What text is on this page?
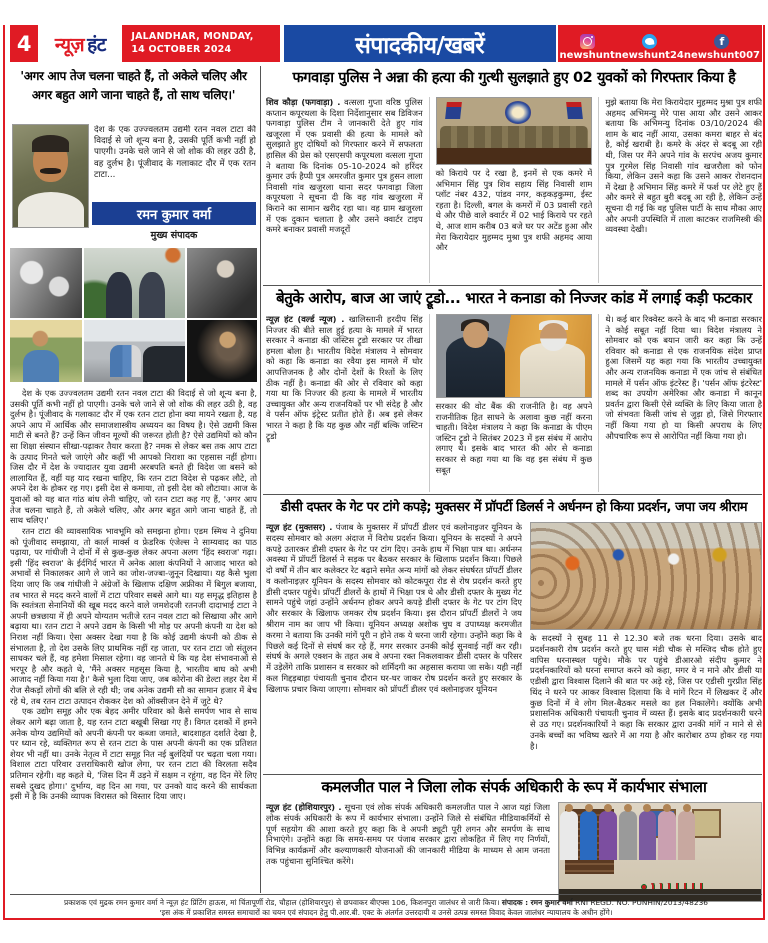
4	न्यूज़ हंट	JALANDHAR, MONDAY,
14 OCTOBER 2024	संपादकीय/खबरें	newshunt newshunt24
f
newshunt007
'अगर आप तेज चलना चाहते हैं, तो अकेले चलिए और
अगर बहुत आगे जाना चाहते हैं, तो साथ चलिए।'
देश के एक उज्ज्वलतम उद्यमी रतन नवल टाटा की विदाई से जो शून्य बना है, उसकी पूर्ति कभी नहीं हो पाएगी। उनके चले जाने से जो शोक की लहर उठी है, वह दुर्लभ है। पूंजीवाद के गलाकाट दौर में एक रतन टाटा...
रमन कुमार वर्मा
मुख्य संपादक

देश के एक उज्ज्वलतम उद्यमी रतन नवल टाटा की विदाई से जो शून्य बना है, उसकी पूर्ति कभी नहीं हो पाएगी। उनके चले जाने से जो शोक की लहर उठी है, वह दुर्लभ है। पूंजीवाद के गलाकाट दौर में एक रतन टाटा होना क्या मायने रखता है, यह अपने आप में आर्थिक और समाजशास्त्रीय अध्ययन का विषय है। ऐसे उद्यमी किस माटी से बनते हैं? उन्हें किन जीवन मूल्यों की जरूरत होती है? ऐसे उद्यमियों को कौन सा शिक्षा संस्थान सीखा-पढ़ाकर तैयार करता है? नमक से लेकर बस तक आप टाटा के उत्पाद गिनते चले जाएंगे और कहीं भी आपको निराशा का एहसास नहीं होगा। जिस दौर में देश के ज्यादातर युवा उद्यमी अरबपति बनते ही विदेश जा बसने को लालायित हैं, वहीं यह याद रखना चाहिए, कि रतन टाटा विदेश से पढ़कर लौटे, तो अपने देश के होकर रह गए। इसी देश से कमाया, तो इसी देश को लौटाया। आज के युवाओं को यह बात गांठ बांध लेनी चाहिए, जो रतन टाटा कह गए हैं, 'अगर आप तेज चलना चाहते हैं, तो अकेले चलिए, और अगर बहुत आगे जाना चाहते हैं, तो साथ चलिए।'

रतन टाटा की व्यावसायिक भावभूमि को समझना होगा। एडम स्मिथ ने दुनिया को पूंजीवाद समझाया, तो कार्ल मार्क्स व फ्रेडरिक एंजेल्स ने साम्यवाद का पाठ पढ़ाया, पर गांधीजी ने दोनों में से कुछ-कुछ लेकर अपना अलग 'हिंद स्वराज' गढ़ा। इसी 'हिंद स्वराज' के ईर्दगिर्द भारत में अनेक आला कंपनियों ने आजाद भारत को अभावों से निकालकर आगे ले जाने का जोश-जज्बा-जुनून दिखाया। यह कैसे भुला दिया जाए कि जब गांधीजी ने अंग्रेजों के खिलाफ दक्षिण अफ्रीका में बिगुल बजाया, तब भारत से मदद करने वालों में टाटा परिवार सबसे आगे था। यह समृद्ध इतिहास है कि स्वतंत्रता सेनानियों की खूब मदद करने वाले जमशेदजी रतनजी दादाभाई टाटा ने अपनी छत्रछाया में ही अपने योग्यतम भतीजे रतन नवल टाटा को सिखाया और आगे बढ़ाया था। रतन टाटा ने अपने उद्यम के किसी भी मोड़ पर अपनी कंपनी या देश को निराश नहीं किया। ऐसा अक्सर देखा गया है कि कोई उद्यमी कंपनी को ठीक से संभालता है, तो देश उसके लिए प्राथमिक नहीं रह जाता, पर रतन टाटा जो संतुलन साधकर चले हैं, वह हमेशा मिसाल रहेगा। वह जानते थे कि यह देश संभावनाओं से भरपूर है और कहते थे, 'मैंने अक्सर महसूस किया है, भारतीय बाघ को अभी आजाद नहीं किया गया है।' कैसे भुला दिया जाए, जब कोरोना की डेल्टा लहर देश में रोज सैकड़ों लोगों की बलि ले रही थी; जब अनेक उद्यमी सौ का सामान हजार में बेच रहे थे, तब रतन टाटा उत्पादन रोककर देश को ऑक्सीजन देने में जुटे थे?

एक उद्योग समूह और एक बेहद अमीर परिवार को कैसे समर्पण भाव से साथ लेकर आगे बढ़ा जाता है, यह रतन टाटा बखूबी सिखा गए हैं। विगत दशकों में हमने अनेक योग्य उद्यमियों को अपनी कंपनी पर कब्जा जमाते, बादशाहत दर्शाते देखा है, पर ध्यान रहे, व्यक्तिगत रूप से रतन टाटा के पास अपनी कंपनी का एक प्रतिशत शेयर भी नहीं था। उनके नेतृत्व में टाटा समूह नित नई बुलंदियों पर चढ़ता चला गया। विशाल टाटा परिवार उत्तराधिकारी खोज लेगा, पर रतन टाटा की विरलता सदैव प्रतिमान रहेगी। वह कहते थे, 'जिस दिन मैं उड़ने में सक्षम न रहूंगा, वह दिन मेरे लिए सबसे दुखद होगा।' दुर्भाग्य, वह दिन आ गया, पर उनको याद करने की सार्थकता इसी में है कि उनकी व्यापक विरासत को विस्तार दिया जाए।

फगवाड़ा पुलिस ने अन्ना की हत्या की गुत्थी सुलझाते हुए 02 युवकों को गिरफ्तार किया है

शिव कौड़ा (फगवाड़ा) . वत्सला गुप्ता वरिष्ठ पुलिस कप्तान कपूरथला के दिशा निर्देशानुसार सब डिविजन फगवाड़ा पुलिस टीम ने जानकारी देते हुए गांव खजूरला में एक प्रवासी की हत्या के मामले को सुलझाते हुए दोषियों को गिरफ्तार करने में सफलता हासिल की प्रेस को एसएसपी कपूरथला वत्सला गुप्ता ने बताया कि दिनांक 05-10-2024 को हरिंदर कुमार उर्फ हैप्पी पुत्र अमरजीत कुमार पुत्र हुसन लाला निवासी गांव खजुरला थाना सदर फगवाड़ा जिला कपूरथला ने सूचना दी कि वह गांव खजुरला में किराने का सामान खरीद रहा था। वह ग्राम खजुरला में एक दुकान चलाता है और उसने क्वार्टर टाइप कमरे बनाकर प्रवासी मजदूरों

को किराये पर दे रखा है, इनमें से एक कमरे में अभिमान सिंह पुत्र शिव सहाय सिंह निवासी शाम प्लॉट नंबर 432, पांडव नगर, कड़कड़कुम्मा, ईस्ट रहता है। दिल्ली, बगल के कमरों में 03 प्रवासी रहते थे और पीछे वाले क्वार्टर में 02 भाई किराये पर रहते थे, आज शाम करीब 03 बजे घर पर अटेंड हुआ और मेरा किरायेदार मुहम्मद मुश्रा पुत्र शफी अहमद आया और

मुझे बताया कि मेरा किरायेदार मुहम्मद मुश्रा पुत्र शफी अहमद अभिमन्यु मेरे पास आया और उसने आकर बताया कि अभिमन्यु दिनांक 03/10/2024 की शाम के बाद नहीं आया, उसका कमरा बाहर से बंद है, कोई खराबी है। कमरे के अंदर से बदबू आ रही थी, जिस पर मैंने अपने गांव के सरपंच अजय कुमार पुत्र गुरमेल सिंह निवासी गांव खजरौला को फोन किया, लेकिन उसने कहा कि उसने आकर रोशनदान में देखा है अभिमान सिंह कमरे में फर्श पर लेटे हुए हैं और कमरे से बहुत बुरी बदबू आ रही है, लेकिन उन्हें सूचना दी गई कि वह पुलिस पार्टी के साथ मौका आए और अपनी उपस्थिति में ताला काटकर राजमिस्त्री की व्यवस्था देखी।

बेतुके आरोप, बाज आ जाएं ट्रूडो... भारत ने कनाडा को निज्जर कांड में लगाई कड़ी फटकार

न्यूज़ हंट (वर्ल्ड न्यूज) . खालिस्तानी हरदीप सिंह निज्जर की बीते साल हुई हत्या के मामले में भारत सरकार ने कनाडा की जस्टिस ट्रूडो सरकार पर तीखा हमला बोला है। भारतीय विदेश मंत्रालय ने सोमवार को कहा कि कनाडा का रवैया इस मामले में घोर आपत्तिजनक है और दोनों देशों के रिश्तों के लिए ठीक नहीं है। कनाडा की ओर से रविवार को कहा गया था कि निज्जर की हत्या के मामले में भारतीय उच्चायुक्त और अन्य राजनयिकों पर भी संदेह है और वे पर्सन ऑफ इंट्रेस्ट प्रतीत होते हैं। अब इसे लेकर भारत ने कहा है कि यह कुछ और नहीं बल्कि जस्टिन ट्रूडो

सरकार की वोट बैंक की राजनीति है। वह अपने राजनीतिक हित साधने के अलावा कुछ नहीं करना चाहती। विदेश मंत्रालय ने कहा कि कनाडा के पीएम जस्टिन ट्रूडो ने सितंबर 2023 में इस संबंध में आरोप लगाए थे। इसके बाद भारत की ओर से कनाडा सरकार से कहा गया था कि वह इस संबंध में कुछ सबूत

थे। कई बार रिक्वेस्ट करने के बाद भी कनाडा सरकार ने कोई सबूत नहीं दिया था। विदेश मंत्रालय ने सोमवार को एक बयान जारी कर कहा कि उन्हें रविवार को कनाडा से एक राजनयिक संदेश प्राप्त हुआ जिसमें यह कहा गया कि भारतीय उच्चायुक्त और अन्य राजनयिक कनाडा में एक जांच से संबंधित मामले में पर्सन ऑफ इंटरेस्ट हैं। 'पर्सन ऑफ इंटरेस्ट' शब्द का उपयोग अमेरिका और कनाडा में कानून प्रवर्तन द्वारा किसी ऐसे व्यक्ति के लिए किया जाता है जो संभवतः किसी जांच से जुड़ा हो, जिसे गिरफ्तार नहीं किया गया हो या किसी अपराध के लिए औपचारिक रूप से आरोपित नहीं किया गया हो।

डीसी दफ्तर के गेट पर टांगे कपड़े; मुक्तसर में प्रॉपर्टी डिलर्स ने अर्धनग्न हो किया प्रदर्शन, जपा जय श्रीराम
न्यूज़ हंट (मुक्तसर) . पंजाब के मुक्तसर में प्रॉपर्टी डीलर एवं कलोनाइजर यूनियन के सदस्य सोमवार को अलग अंदाज में विरोध प्रदर्शन किया। यूनियन के सदस्यों ने अपने कपड़े उतारकर डीसी दफ्तर के गेट पर टांग दिए। उनके हाथ में भिक्षा पात्र था। अर्धनग्न अवस्था में प्रॉपर्टी डिलर्स ने सड़क पर बैठकर सरकार के खिलाफ प्रदर्शन किया। पिछले दो वर्षों में तीन बार कलेक्टर रेट बढ़ाने समेत अन्य मांगों को लेकर संघर्षरत प्रॉपर्टी डीलर व कलोनाइज़र यूनियन के सदस्य सोमवार को कोटकपूरा रोड से रोष प्रदर्शन करते हुए डीसी दफ्तर पहुंचे। प्रॉपर्टी डीलरों के हाथों में भिक्षा पत्र थे और डीसी दफ्तर के मुख्य गेट सामने पहुंचे जहां उन्होंने अर्धनग्न होकर अपने कपड़े डीसी दफ्तर के गेट पर टांग दिए और सरकार के खिलाफ जमकर रोष प्रदर्शन किया। इस दौरान प्रॉपर्टी डीलरों ने जय श्रीराम नाम का जाप भी किया। यूनियन अध्यक्ष अशोक चुघ व उपाध्यक्ष करमजीत करमा ने बताया कि उनकी मांगें पूरी न होने तक ये धरना जारी रहेगा। उन्होंने कहा कि वे पिछले कई दिनों से संघर्ष कर रहे हैं, मगर सरकार उनकी कोई सुनवाई नहीं कर रही। संघर्ष के अगले एक्शन के तहत अब वे अपना रक्त निकलवाकर डीसी दफ्तर के परिसर में उड़ेलेंगे ताकि प्रशासन व सरकार को शर्मिंदगी का अहसास कराया जा सके। यही नहीं कल गिद्दड़बाहा पंचायती चुनाव दौरान घर-घर जाकर रोष प्रदर्शन करते हुए सरकार के खिलाफ प्रचार किया जाएगा। सोमवार को प्रॉपर्टी डीलर एवं क्लोनाइजर यूनियन
के सदस्यों ने सुबह 11 से 12.30 बजे तक धरना दिया। उसके बाद प्रदर्शनकारी रोष प्रदर्शन करते हुए घास मंडी चौक से मस्जिद चौक होते हुए वापिस धरनास्थल पहुंचे। मौके पर पहुंचे डीआरओ संदीप कुमार ने प्रदर्शनकारियों को धरना समाप्त करने को कहा, मगर वे न माने और डीसी या एडीसी द्वारा विश्वास दिलाने की बात पर अड़े रहे, जिस पर एडीसी गुरप्रीत सिंह थिंद ने धरने पर आकर विश्वास दिलाया कि वे मांगें रिटन में लिखकर दें और कुछ दिनों में वे लोग मिल-बैठकर मसले का हल निकालेंगे। क्योंकि अभी प्रशासनिक अधिकारी पंचायती चुनाव में व्यस्त हैं। इसके बाद प्रदर्शनकारी धरने से उठ गए। प्रदर्शनकारियों ने कहा कि सरकार द्वारा उनकी मांगें न माने से से उनके बच्चों का भविष्य खतरे में आ गया है और कारोबार ठप्प होकर रह गया है।
कमलजीत पाल ने जिला लोक संपर्क अधिकारी के रूप में कार्यभार संभाला
न्यूज़ हंट (होशियारपुर) . सूचना एवं लोक संपर्क अधिकारी कमलजीत पाल ने आज यहां जिला लोक संपर्क अधिकारी के रूप में कार्यभार संभाला। उन्होंने जिले से संबंधित मीडियाकर्मियों से पूर्ण सहयोग की आशा करते हुए कहा कि वे अपनी ड्यूटी पूरी लगन और समर्पण के साथ निभाएंगे। उन्होंने कहा कि समय-समय पर पंजाब सरकार द्वारा लोकहित में लिए गए निर्णयों, विभिन्न कार्यक्रमों और कल्याणकारी योजनाओं की जानकारी मीडिया के माध्यम से आम जनता तक पहुंचाना सुनिश्चित करेंगे।
प्रकाशक एवं मुद्रक रमन कुमार वर्मा ने न्यूज़ हंट प्रिंटिंग हाऊस, मां चिंतापूर्णी रोड, चौहाल (होशियारपुर) से छपवाकर बीएफ्स 106, किशनपुरा जालंधर से जारी किया। संपादक : रमन कुमार वर्मा RNI REGD. NO. PUNHIN/2013/48236
'इस अंक में प्रकाशित समस्त समाचारों का चयन एवं संपादन हेतु पी.आर.बी. एक्ट के अंतर्गत उत्तरदायी व उनसे उत्पन्न समस्त विवाद केवल जालंधर न्यायालय के अधीन होंगे।
